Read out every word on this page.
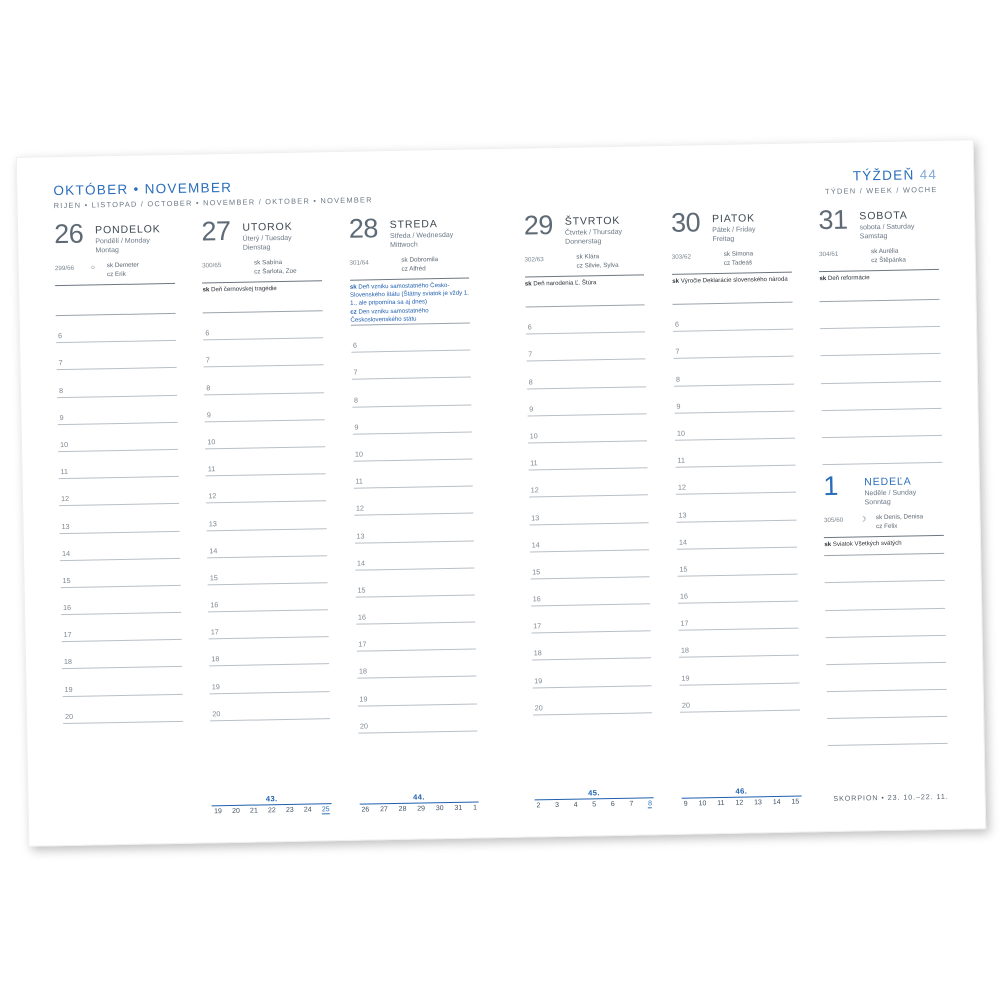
OKTÓBER • NOVEMBER
RIJEN • LISTOPAD / OCTOBER • NOVEMBER / OKTOBER • NOVEMBER
TÝŽDEŇ 44
TÝDEN / WEEK / WOCHE
26 PONDELOK
Pondělí / Monday
Montag
299/66 ○ sk Demeter
cz Erik
6
7
8
9
10
11
12
13
14
15
16
17
18
19
20
27 UTOROK
Úterý / Tuesday
Dienstag
300/65	sk Sabína
cz Šarlota, Zoe
sk Deň černovskej tragédie
6
7
8
9
10
11
12
13
14
15
16
17
18
19
20
43.
19 20 21 22 23 24 25
28 STREDA
Středa / Wednesday
Mittwoch
301/64	sk Dobromila
cz Alfréd
sk Deň vzniku samostatného Česko-Slovenského štátu (Štátny sviatok je vždy 1. 1., ale pripomína sa aj dnes)
cz Den vzniku samostatného Československého státu
6
7
8
9
10
11
12
13
14
15
16
17
18
19
20
44.
26 27 28 29 30 31 1
29 ŠTVRTOK
Čtvrtek / Thursday
Donnerstag
302/63	sk Klára
cz Silvie, Sylva
sk Deň narodenia Ľ. Štúra
6
7
8
9
10
11
12
13
14
15
16
17
18
19
20
45.
2 3 4 5 6 7 8
30 PIATOK
Pátek / Friday
Freitag
303/62	sk Simona
cz Tadeáš
sk Výročie Deklarácie slovenského národa
6
7
8
9
10
11
12
13
14
15
16
17
18
19
20
46.
9 10 11 12 13 14 15
31 SOBOTA
sobota / Saturday
Samstag
304/61	sk Aurélia
cz Štěpánka
sk Deň reformácie
1 NEDEĽA
Neděle / Sunday
Sonntag
305/60 ☽ sk Denis, Denisa
cz Felix
sk Sviatok Všetkých svätých
SKORPION • 23. 10.–22. 11.
